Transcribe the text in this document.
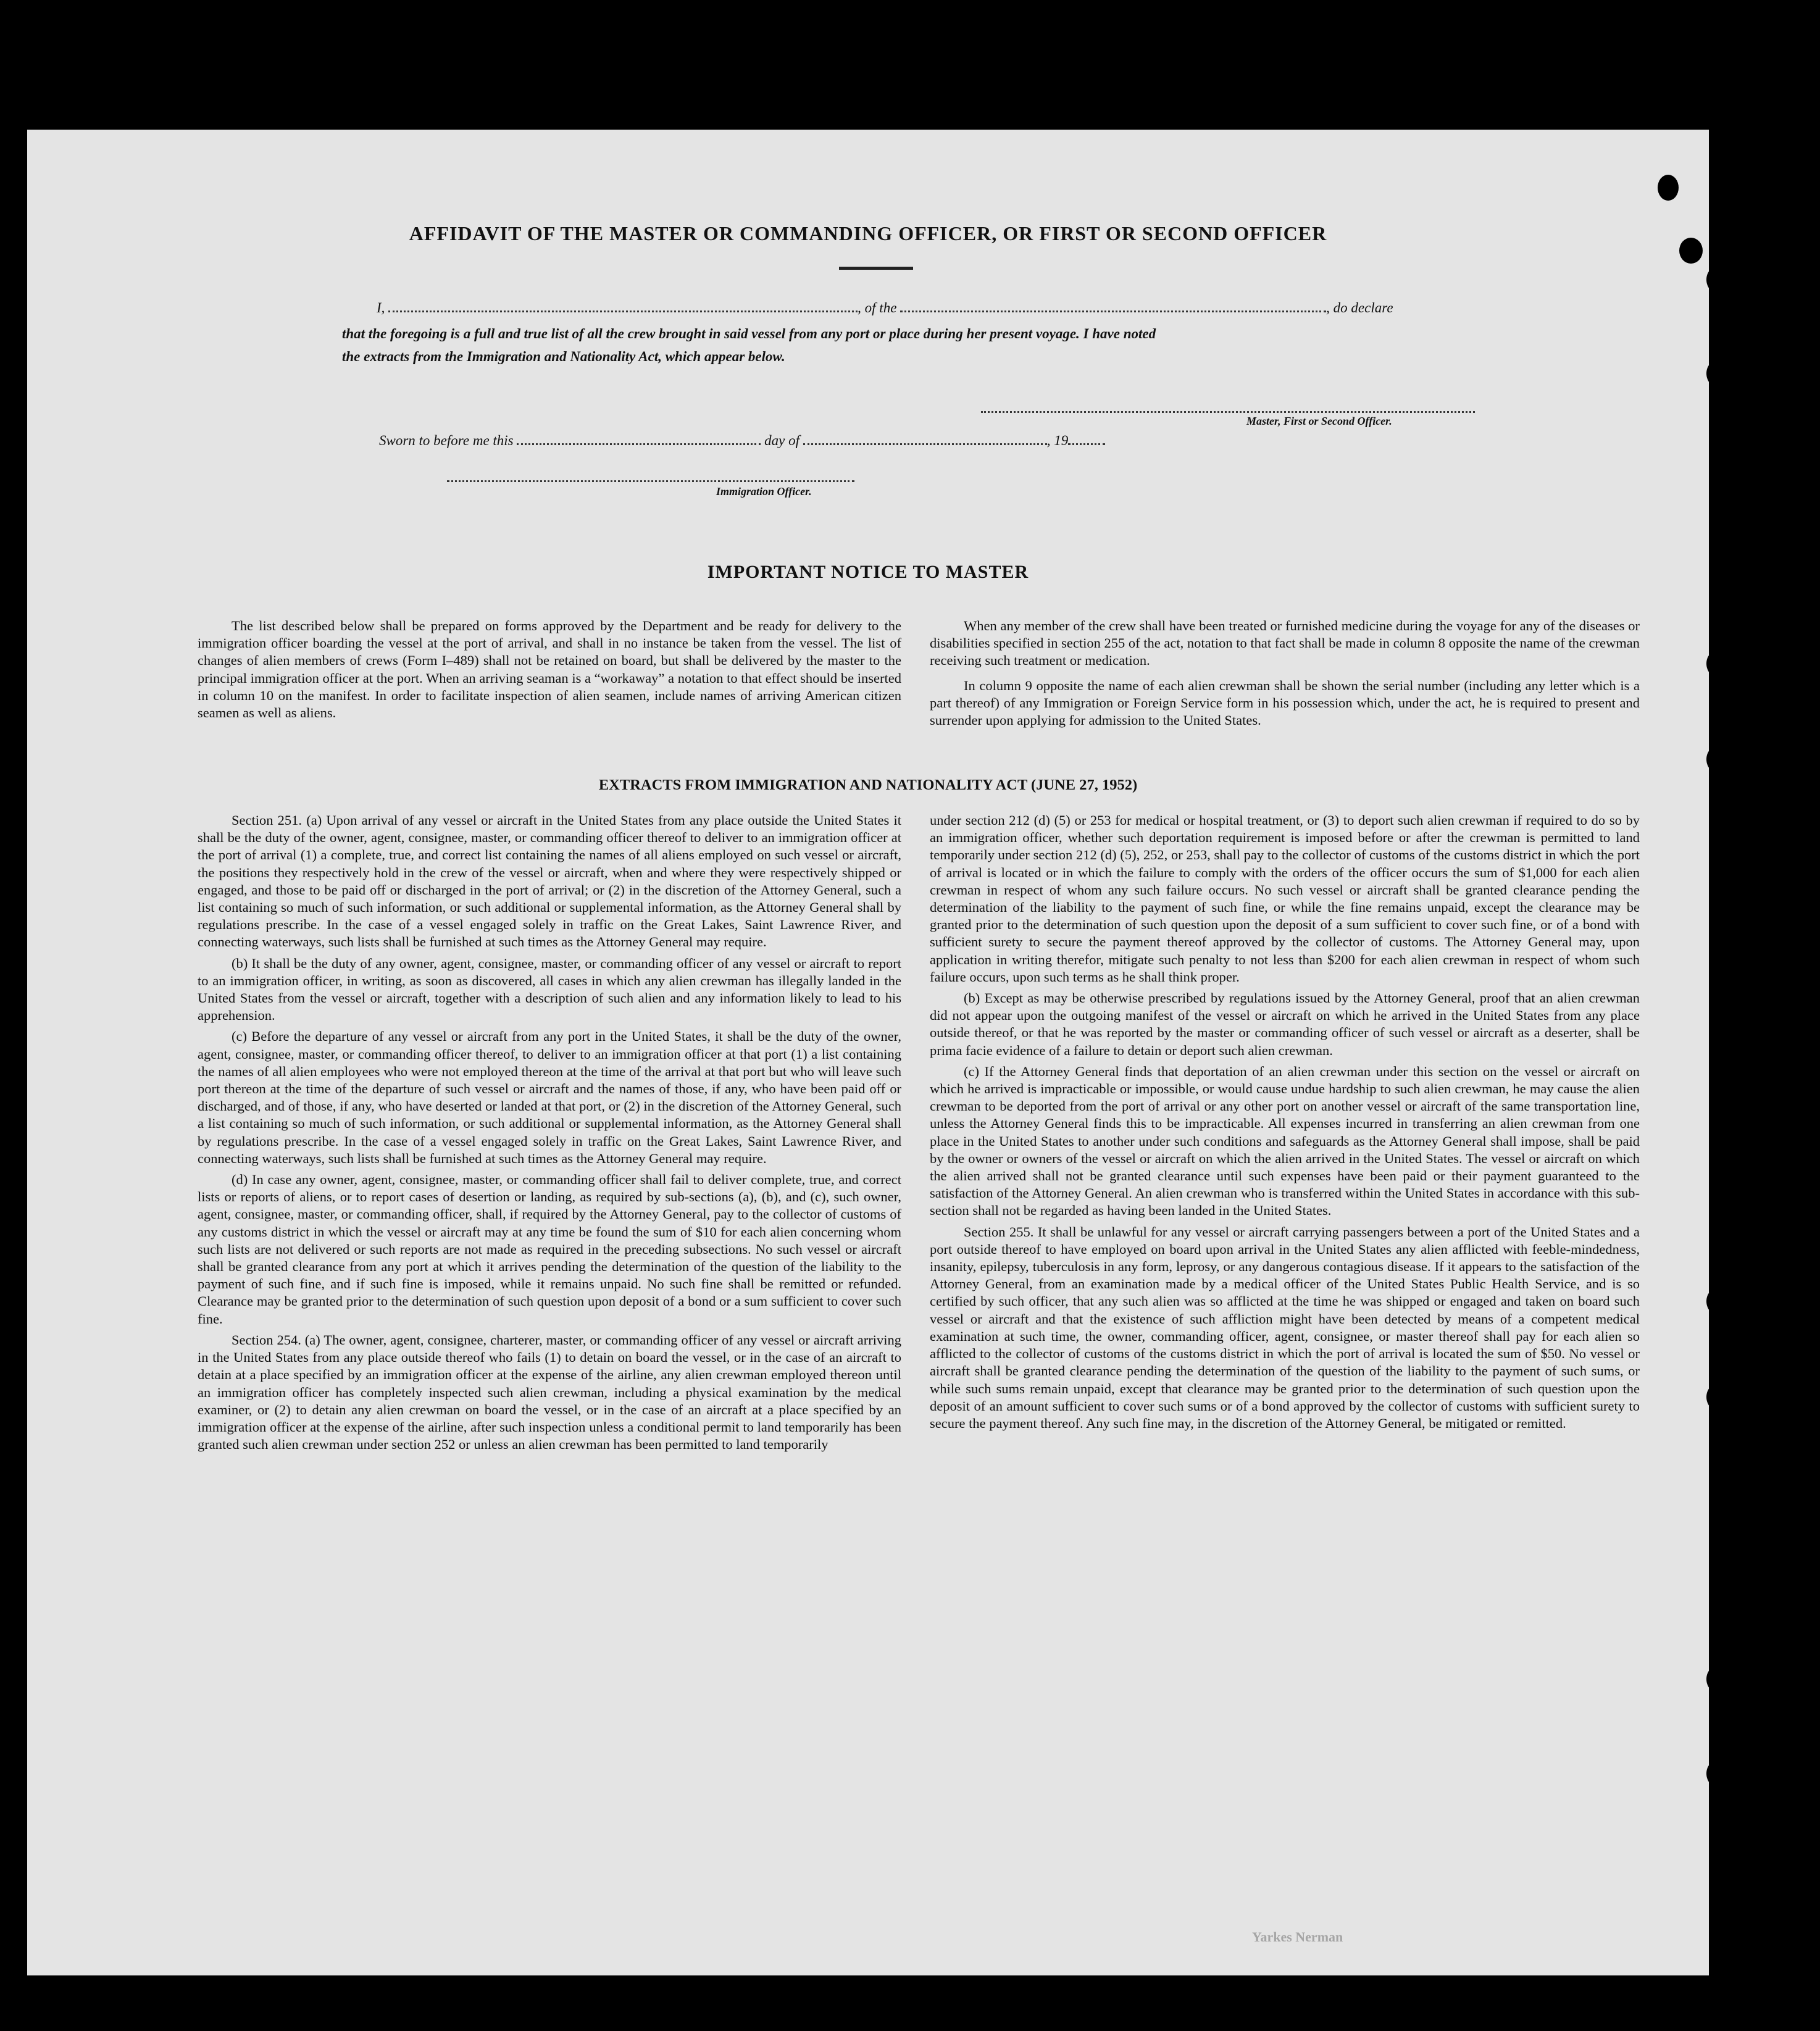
AFFIDAVIT OF THE MASTER OR COMMANDING OFFICER, OR FIRST OR SECOND OFFICER
I,	, of the	, do declare
that the foregoing is a full and true list of all the crew brought in said vessel from any port or place during her present voyage. I have noted
the extracts from the Immigration and Nationality Act, which appear below.
Master, First or Second Officer.
Sworn to before me this	day of	, 19
Immigration Officer.
IMPORTANT NOTICE TO MASTER

The list described below shall be prepared on forms approved by the Department and be ready for delivery to the immigration officer boarding the vessel at the port of arrival, and shall in no instance be taken from the vessel. The list of changes of alien members of crews (Form I–489) shall not be retained on board, but shall be delivered by the master to the principal immigration officer at the port. When an arriving seaman is a “workaway” a notation to that effect should be inserted in column 10 on the manifest. In order to facilitate inspection of alien seamen, include names of arriving American citizen seamen as well as aliens.

When any member of the crew shall have been treated or furnished medicine during the voyage for any of the diseases or disabilities specified in section 255 of the act, notation to that fact shall be made in column 8 opposite the name of the crewman receiving such treatment or medication.

In column 9 opposite the name of each alien crewman shall be shown the serial number (including any letter which is a part thereof) of any Immigration or Foreign Service form in his possession which, under the act, he is required to present and surrender upon applying for admission to the United States.

EXTRACTS FROM IMMIGRATION AND NATIONALITY ACT (JUNE 27, 1952)

Section 251. (a) Upon arrival of any vessel or aircraft in the United States from any place outside the United States it shall be the duty of the owner, agent, consignee, master, or commanding officer thereof to deliver to an immigration officer at the port of arrival (1) a complete, true, and correct list containing the names of all aliens employed on such vessel or aircraft, the positions they respectively hold in the crew of the vessel or aircraft, when and where they were respectively shipped or engaged, and those to be paid off or discharged in the port of arrival; or (2) in the discretion of the Attorney General, such a list containing so much of such information, or such additional or supplemental information, as the Attorney General shall by regulations prescribe. In the case of a vessel engaged solely in traffic on the Great Lakes, Saint Lawrence River, and connecting waterways, such lists shall be furnished at such times as the Attorney General may require.

(b) It shall be the duty of any owner, agent, consignee, master, or commanding officer of any vessel or aircraft to report to an immigration officer, in writing, as soon as discovered, all cases in which any alien crewman has illegally landed in the United States from the vessel or aircraft, together with a description of such alien and any information likely to lead to his apprehension.

(c) Before the departure of any vessel or aircraft from any port in the United States, it shall be the duty of the owner, agent, consignee, master, or commanding officer thereof, to deliver to an immigration officer at that port (1) a list containing the names of all alien employees who were not employed thereon at the time of the arrival at that port but who will leave such port thereon at the time of the departure of such vessel or aircraft and the names of those, if any, who have been paid off or discharged, and of those, if any, who have deserted or landed at that port, or (2) in the discretion of the Attorney General, such a list containing so much of such information, or such additional or supplemental information, as the Attorney General shall by regulations prescribe. In the case of a vessel engaged solely in traffic on the Great Lakes, Saint Lawrence River, and connecting waterways, such lists shall be furnished at such times as the Attorney General may require.

(d) In case any owner, agent, consignee, master, or commanding officer shall fail to deliver complete, true, and correct lists or reports of aliens, or to report cases of desertion or landing, as required by sub-sections (a), (b), and (c), such owner, agent, consignee, master, or commanding officer, shall, if required by the Attorney General, pay to the collector of customs of any customs district in which the vessel or aircraft may at any time be found the sum of $10 for each alien concerning whom such lists are not delivered or such reports are not made as required in the preceding subsections. No such vessel or aircraft shall be granted clearance from any port at which it arrives pending the determination of the question of the liability to the payment of such fine, and if such fine is imposed, while it remains unpaid. No such fine shall be remitted or refunded. Clearance may be granted prior to the determination of such question upon deposit of a bond or a sum sufficient to cover such fine.

Section 254. (a) The owner, agent, consignee, charterer, master, or commanding officer of any vessel or aircraft arriving in the United States from any place outside thereof who fails (1) to detain on board the vessel, or in the case of an aircraft to detain at a place specified by an immigration officer at the expense of the airline, any alien crewman employed thereon until an immigration officer has completely inspected such alien crewman, including a physical examination by the medical examiner, or (2) to detain any alien crewman on board the vessel, or in the case of an aircraft at a place specified by an immigration officer at the expense of the airline, after such inspection unless a conditional permit to land temporarily has been granted such alien crewman under section 252 or unless an alien crewman has been permitted to land temporarily

under section 212 (d) (5) or 253 for medical or hospital treatment, or (3) to deport such alien crewman if required to do so by an immigration officer, whether such deportation requirement is imposed before or after the crewman is permitted to land temporarily under section 212 (d) (5), 252, or 253, shall pay to the collector of customs of the customs district in which the port of arrival is located or in which the failure to comply with the orders of the officer occurs the sum of $1,000 for each alien crewman in respect of whom any such failure occurs. No such vessel or aircraft shall be granted clearance pending the determination of the liability to the payment of such fine, or while the fine remains unpaid, except the clearance may be granted prior to the determination of such question upon the deposit of a sum sufficient to cover such fine, or of a bond with sufficient surety to secure the payment thereof approved by the collector of customs. The Attorney General may, upon application in writing therefor, mitigate such penalty to not less than $200 for each alien crewman in respect of whom such failure occurs, upon such terms as he shall think proper.

(b) Except as may be otherwise prescribed by regulations issued by the Attorney General, proof that an alien crewman did not appear upon the outgoing manifest of the vessel or aircraft on which he arrived in the United States from any place outside thereof, or that he was reported by the master or commanding officer of such vessel or aircraft as a deserter, shall be prima facie evidence of a failure to detain or deport such alien crewman.

(c) If the Attorney General finds that deportation of an alien crewman under this section on the vessel or aircraft on which he arrived is impracticable or impossible, or would cause undue hardship to such alien crewman, he may cause the alien crewman to be deported from the port of arrival or any other port on another vessel or aircraft of the same transportation line, unless the Attorney General finds this to be impracticable. All expenses incurred in transferring an alien crewman from one place in the United States to another under such conditions and safeguards as the Attorney General shall impose, shall be paid by the owner or owners of the vessel or aircraft on which the alien arrived in the United States. The vessel or aircraft on which the alien arrived shall not be granted clearance until such expenses have been paid or their payment guaranteed to the satisfaction of the Attorney General. An alien crewman who is transferred within the United States in accordance with this sub-section shall not be regarded as having been landed in the United States.

Section 255. It shall be unlawful for any vessel or aircraft carrying passengers between a port of the United States and a port outside thereof to have employed on board upon arrival in the United States any alien afflicted with feeble-mindedness, insanity, epilepsy, tuberculosis in any form, leprosy, or any dangerous contagious disease. If it appears to the satisfaction of the Attorney General, from an examination made by a medical officer of the United States Public Health Service, and is so certified by such officer, that any such alien was so afflicted at the time he was shipped or engaged and taken on board such vessel or aircraft and that the existence of such affliction might have been detected by means of a competent medical examination at such time, the owner, commanding officer, agent, consignee, or master thereof shall pay for each alien so afflicted to the collector of customs of the customs district in which the port of arrival is located the sum of $50. No vessel or aircraft shall be granted clearance pending the determination of the question of the liability to the payment of such sums, or while such sums remain unpaid, except that clearance may be granted prior to the determination of such question upon the deposit of an amount sufficient to cover such sums or of a bond approved by the collector of customs with sufficient surety to secure the payment thereof. Any such fine may, in the discretion of the Attorney General, be mitigated or remitted.

Yarkes Nerman
